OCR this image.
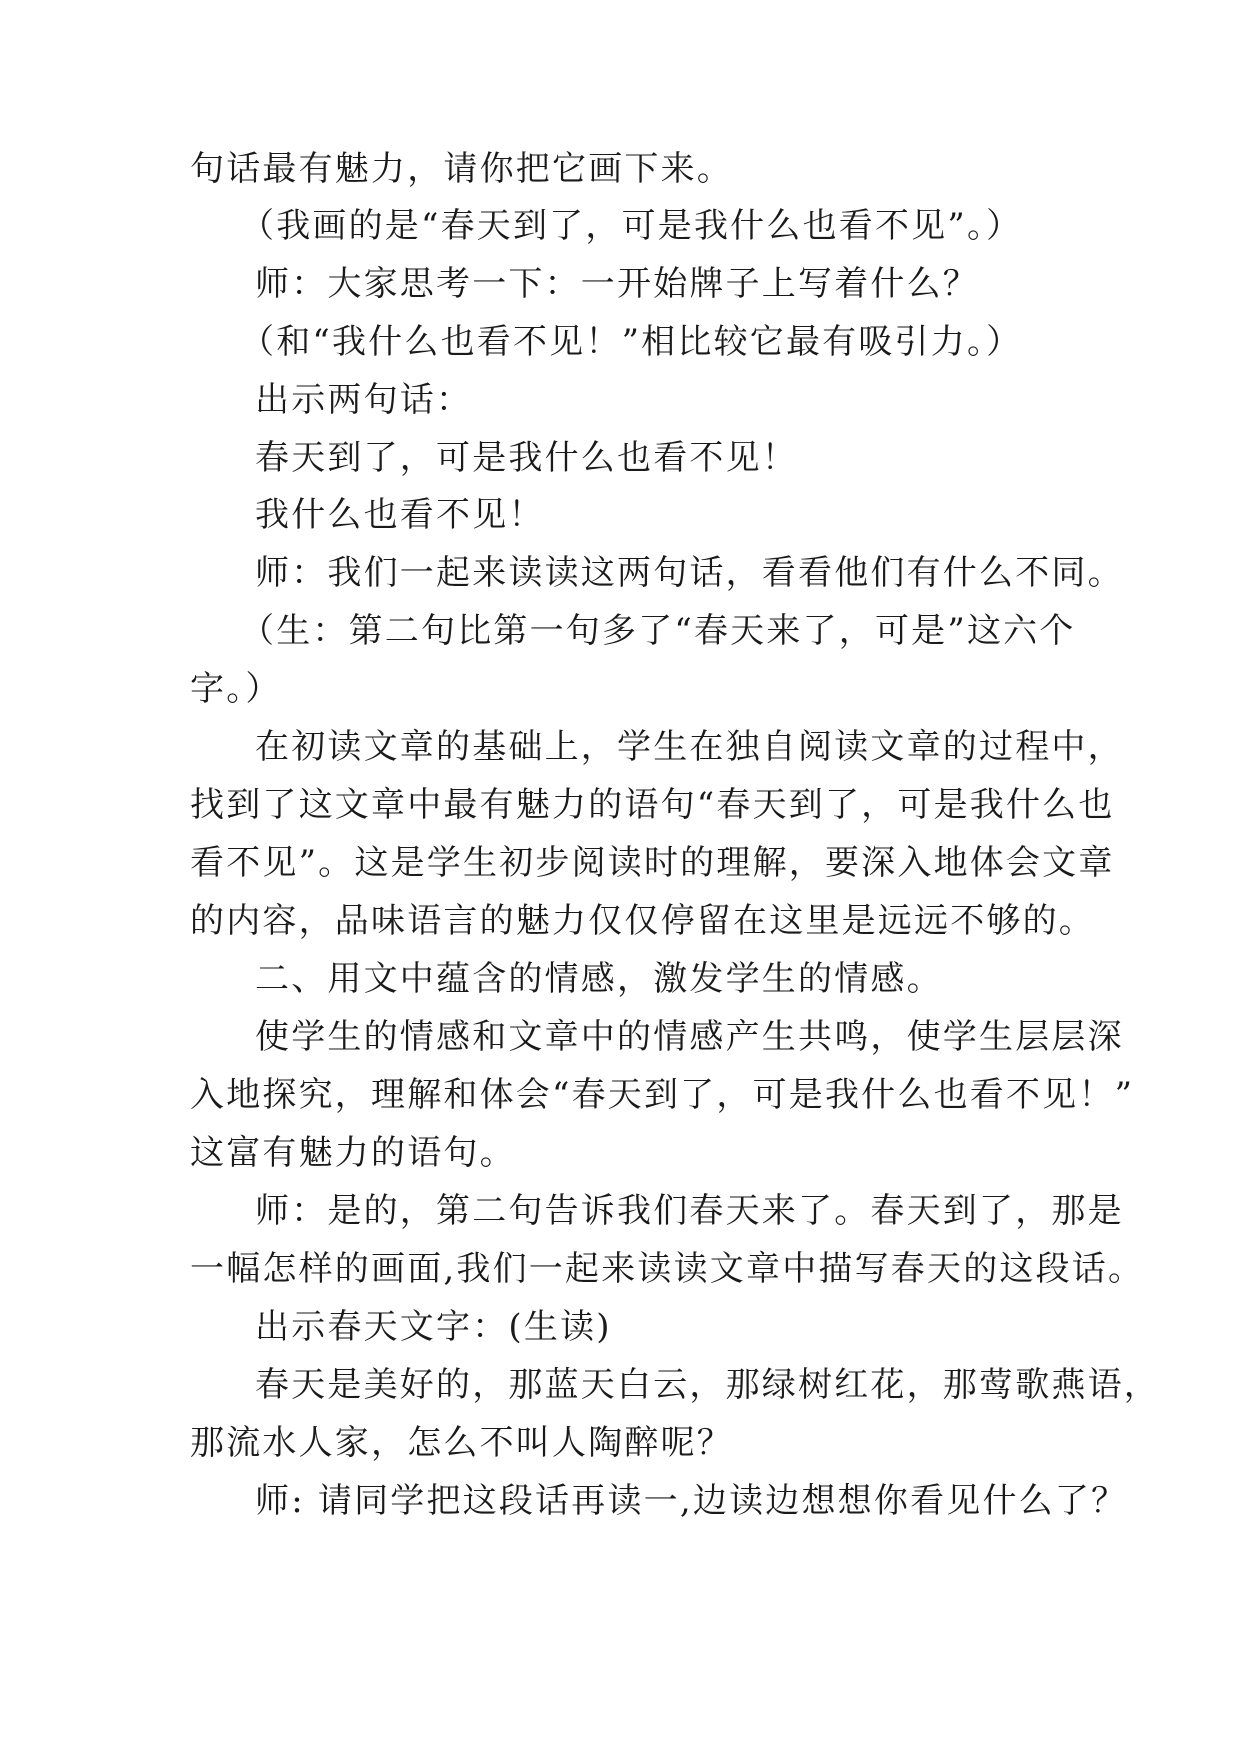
句话最有魅力，请你把它画下来。
（我画的是“春天到了，可是我什么也看不见”。）
师：大家思考一下：一开始牌子上写着什么？
（和“我什么也看不见！”相比较它最有吸引力。）
出示两句话：
春天到了，可是我什么也看不见！
我什么也看不见！
师：我们一起来读读这两句话，看看他们有什么不同。
（生：第二句比第一句多了“春天来了，可是”这六个
字。）
在初读文章的基础上，学生在独自阅读文章的过程中，
找到了这文章中最有魅力的语句“春天到了，可是我什么也
看不见”。这是学生初步阅读时的理解，要深入地体会文章
的内容，品味语言的魅力仅仅停留在这里是远远不够的。
二、用文中蕴含的情感，激发学生的情感。
使学生的情感和文章中的情感产生共鸣，使学生层层深
入地探究，理解和体会“春天到了，可是我什么也看不见！”
这富有魅力的语句。
师：是的，第二句告诉我们春天来了。春天到了，那是
一幅怎样的画面,我们一起来读读文章中描写春天的这段话。
出示春天文字：(生读)
春天是美好的，那蓝天白云，那绿树红花，那莺歌燕语，
那流水人家，怎么不叫人陶醉呢？
师: 请同学把这段话再读一,边读边想想你看见什么了？
